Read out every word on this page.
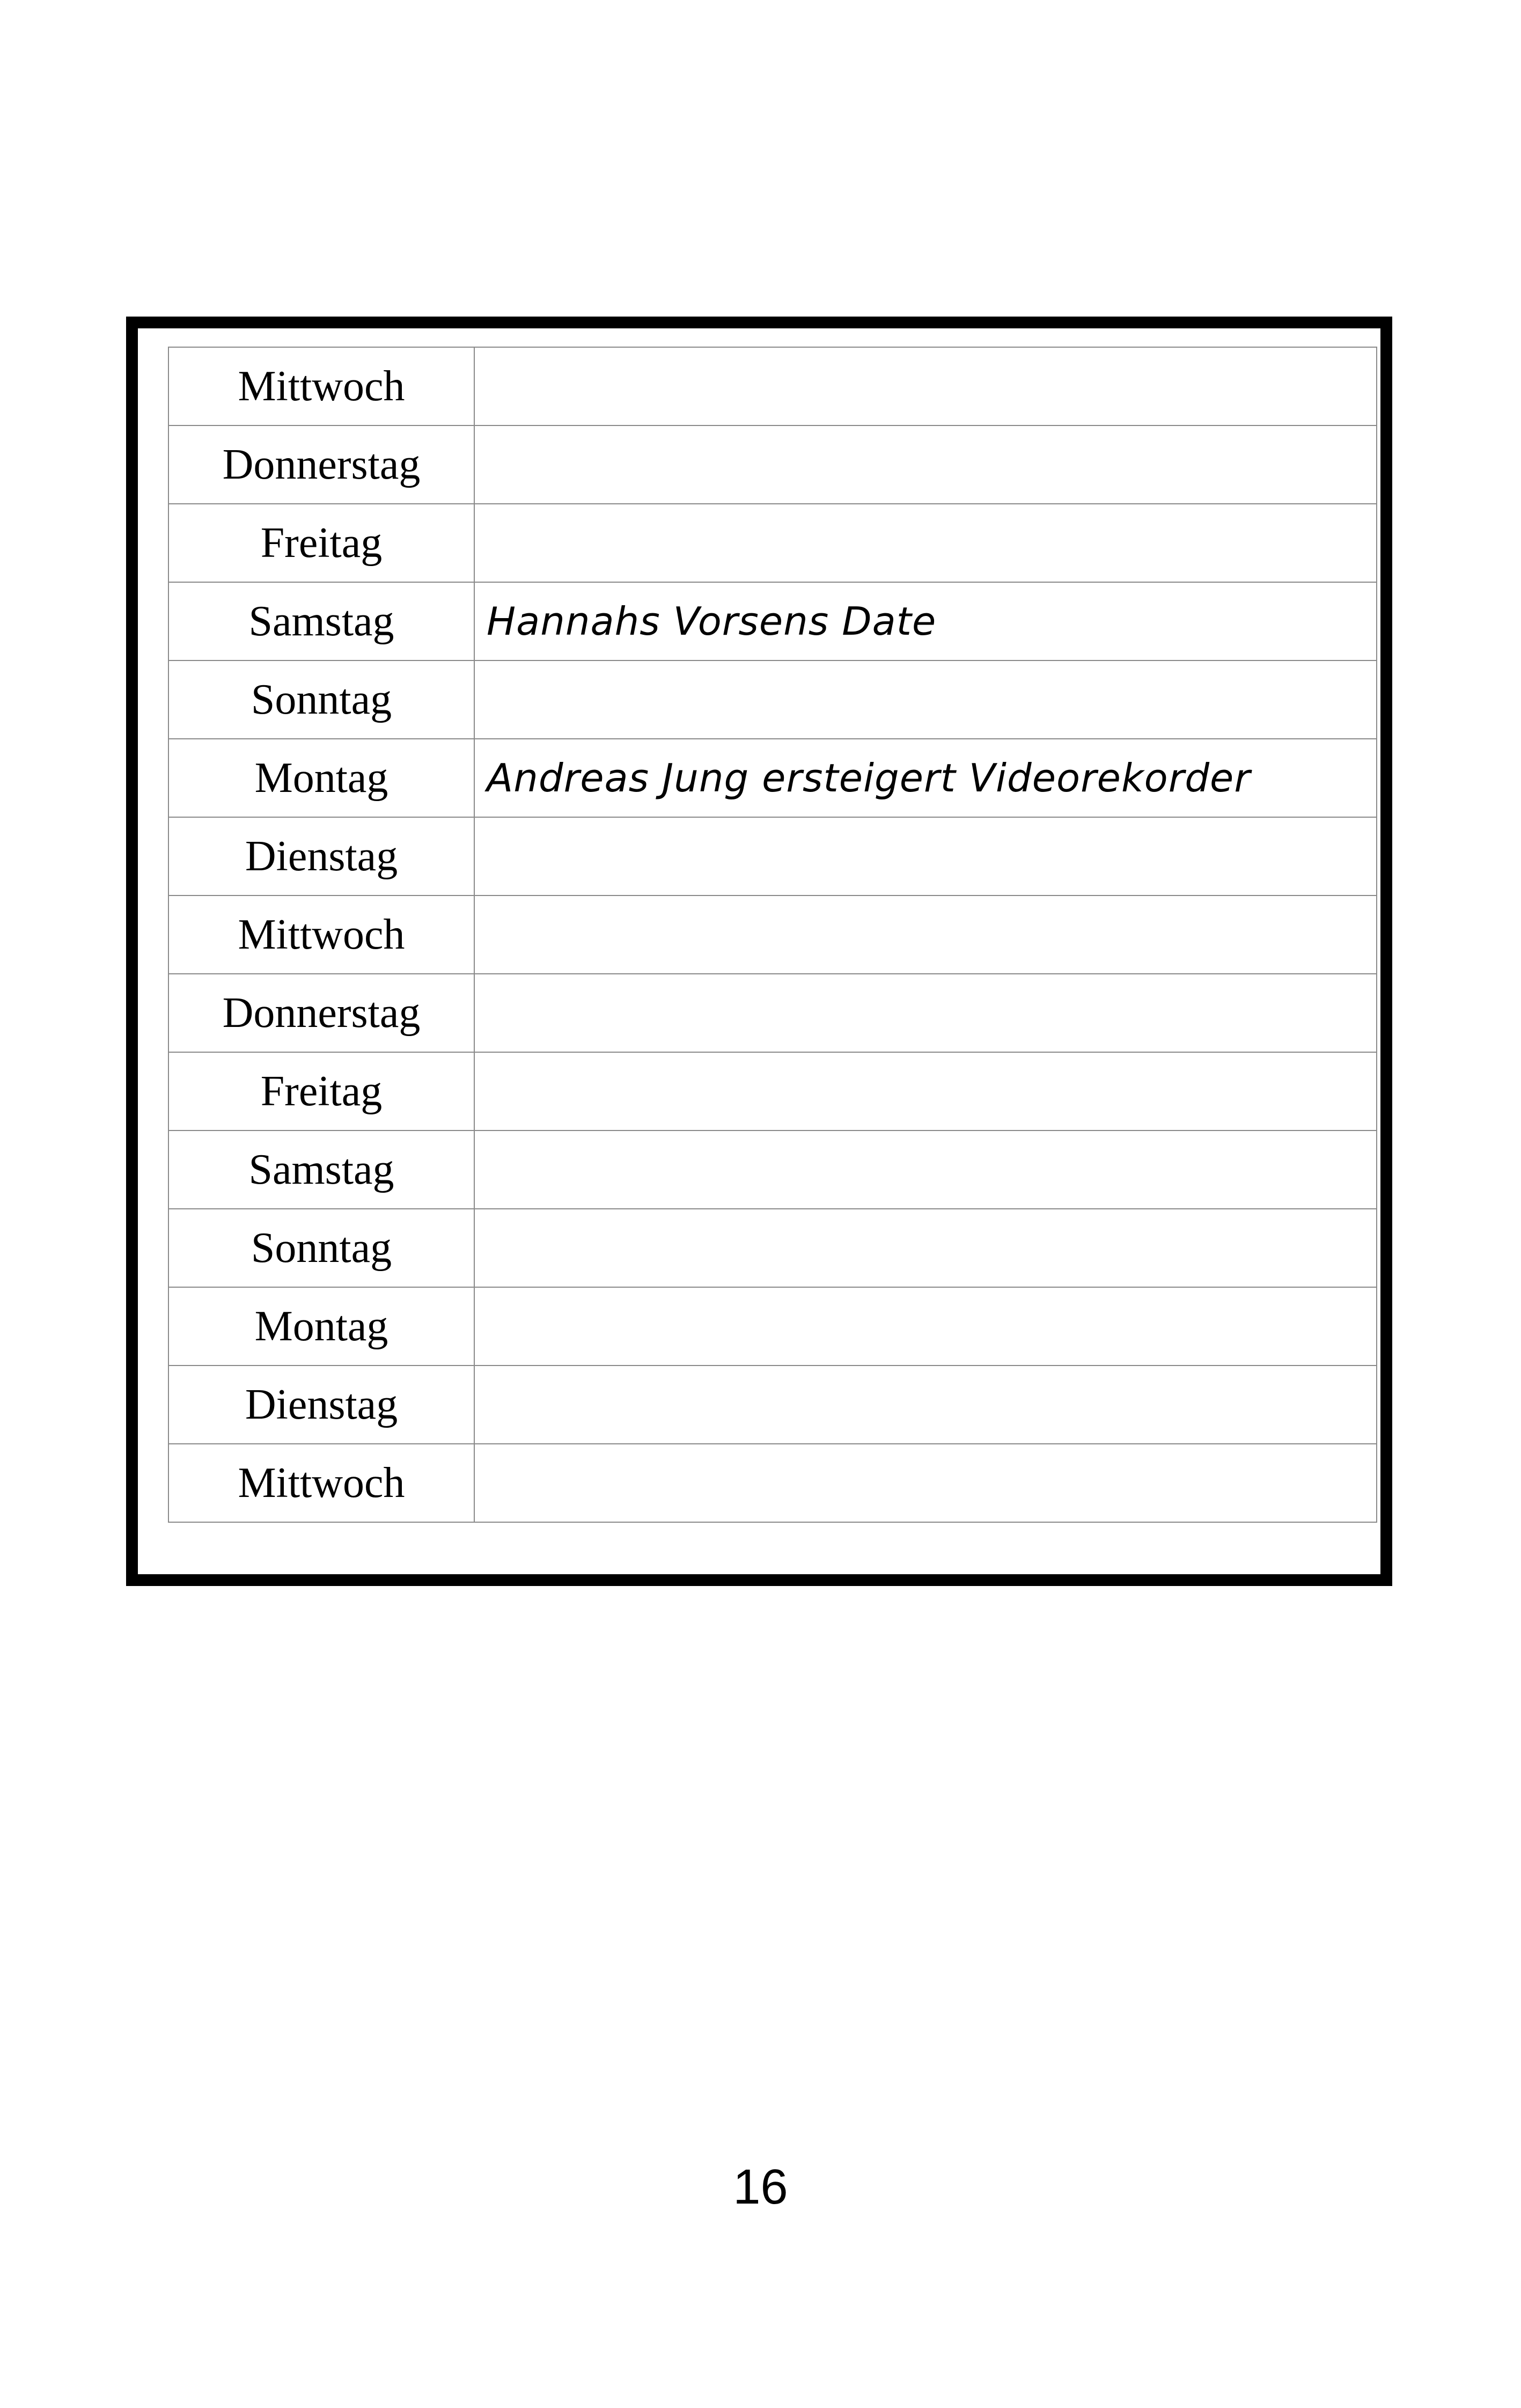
Mittwoch	
Donnerstag	
Freitag	
Samstag	Hannahs Vorsens Date
Sonntag	
Montag	Andreas Jung ersteigert Videorekorder
Dienstag	
Mittwoch	
Donnerstag	
Freitag	
Samstag	
Sonntag	
Montag	
Dienstag	
Mittwoch	
16
